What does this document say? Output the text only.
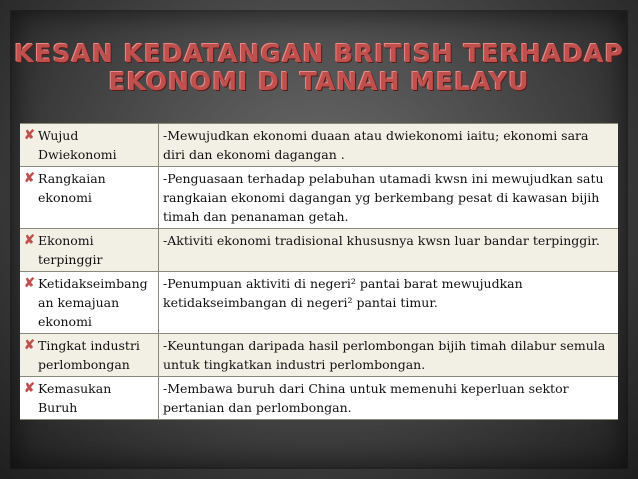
KESAN KEDATANGAN BRITISH TERHADAP
EKONOMI DI TANAH MELAYU
✘ Wujud Dwiekonomi	-Mewujudkan ekonomi duaan atau dwiekonomi iaitu; ekonomi sara diri dan ekonomi dagangan .

✘ Rangkaian ekonomi	-Penguasaan terhadap pelabuhan utamadi kwsn ini mewujudkan satu rangkaian ekonomi dagangan yg berkembang pesat di kawasan bijih timah dan penanaman getah.

✘ Ekonomi terpinggir	-Aktiviti ekonomi tradisional khususnya kwsn luar bandar terpinggir.

✘ Ketidakseimbang an kemajuan ekonomi	-Penumpuan aktiviti di negeri² pantai barat mewujudkan ketidakseimbangan di negeri² pantai timur.

✘ Tingkat industri perlombongan	-Keuntungan daripada hasil perlombongan bijih timah dilabur semula untuk tingkatkan industri perlombongan.

✘ Kemasukan Buruh	-Membawa buruh dari China untuk memenuhi keperluan sektor pertanian dan perlombongan.
